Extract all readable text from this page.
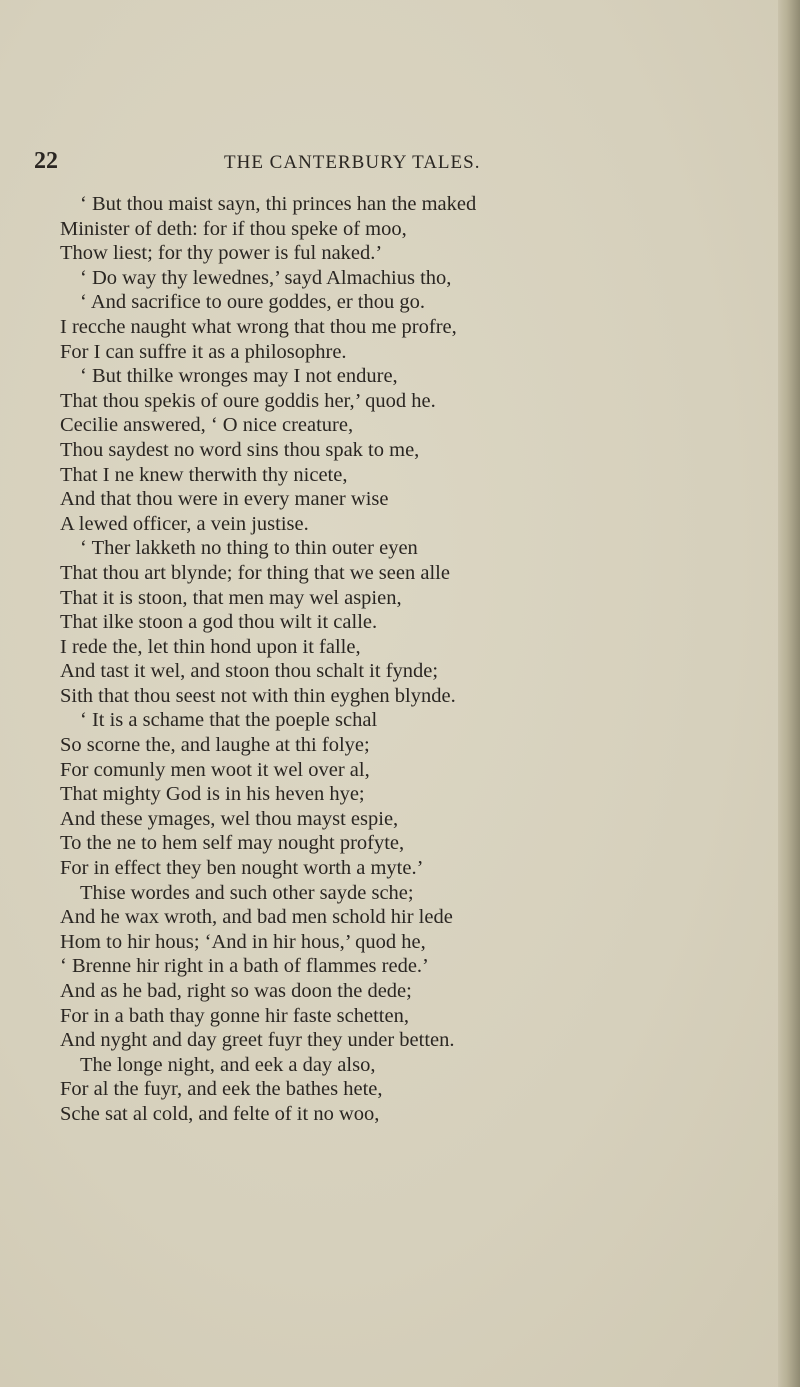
22	THE CANTERBURY TALES.
‘ But thou maist sayn, thi princes han the maked
Minister of deth: for if thou speke of moo,
Thow liest; for thy power is ful naked.’
‘ Do way thy lewednes,’ sayd Almachius tho,
‘ And sacrifice to oure goddes, er thou go.
I recche naught what wrong that thou me profre,
For I can suffre it as a philosophre.
‘ But thilke wronges may I not endure,
That thou spekis of oure goddis her,’ quod he.
Cecilie answered, ‘ O nice creature,
Thou saydest no word sins thou spak to me,
That I ne knew therwith thy nicete,
And that thou were in every maner wise
A lewed officer, a vein justise.
‘ Ther lakketh no thing to thin outer eyen
That thou art blynde; for thing that we seen alle
That it is stoon, that men may wel aspien,
That ilke stoon a god thou wilt it calle.
I rede the, let thin hond upon it falle,
And tast it wel, and stoon thou schalt it fynde;
Sith that thou seest not with thin eyghen blynde.
‘ It is a schame that the poeple schal
So scorne the, and laughe at thi folye;
For comunly men woot it wel over al,
That mighty God is in his heven hye;
And these ymages, wel thou mayst espie,
To the ne to hem self may nought profyte,
For in effect they ben nought worth a myte.’
Thise wordes and such other sayde sche;
And he wax wroth, and bad men schold hir lede
Hom to hir hous; ‘And in hir hous,’ quod he,
‘ Brenne hir right in a bath of flammes rede.’
And as he bad, right so was doon the dede;
For in a bath thay gonne hir faste schetten,
And nyght and day greet fuyr they under betten.
The longe night, and eek a day also,
For al the fuyr, and eek the bathes hete,
Sche sat al cold, and felte of it no woo,
